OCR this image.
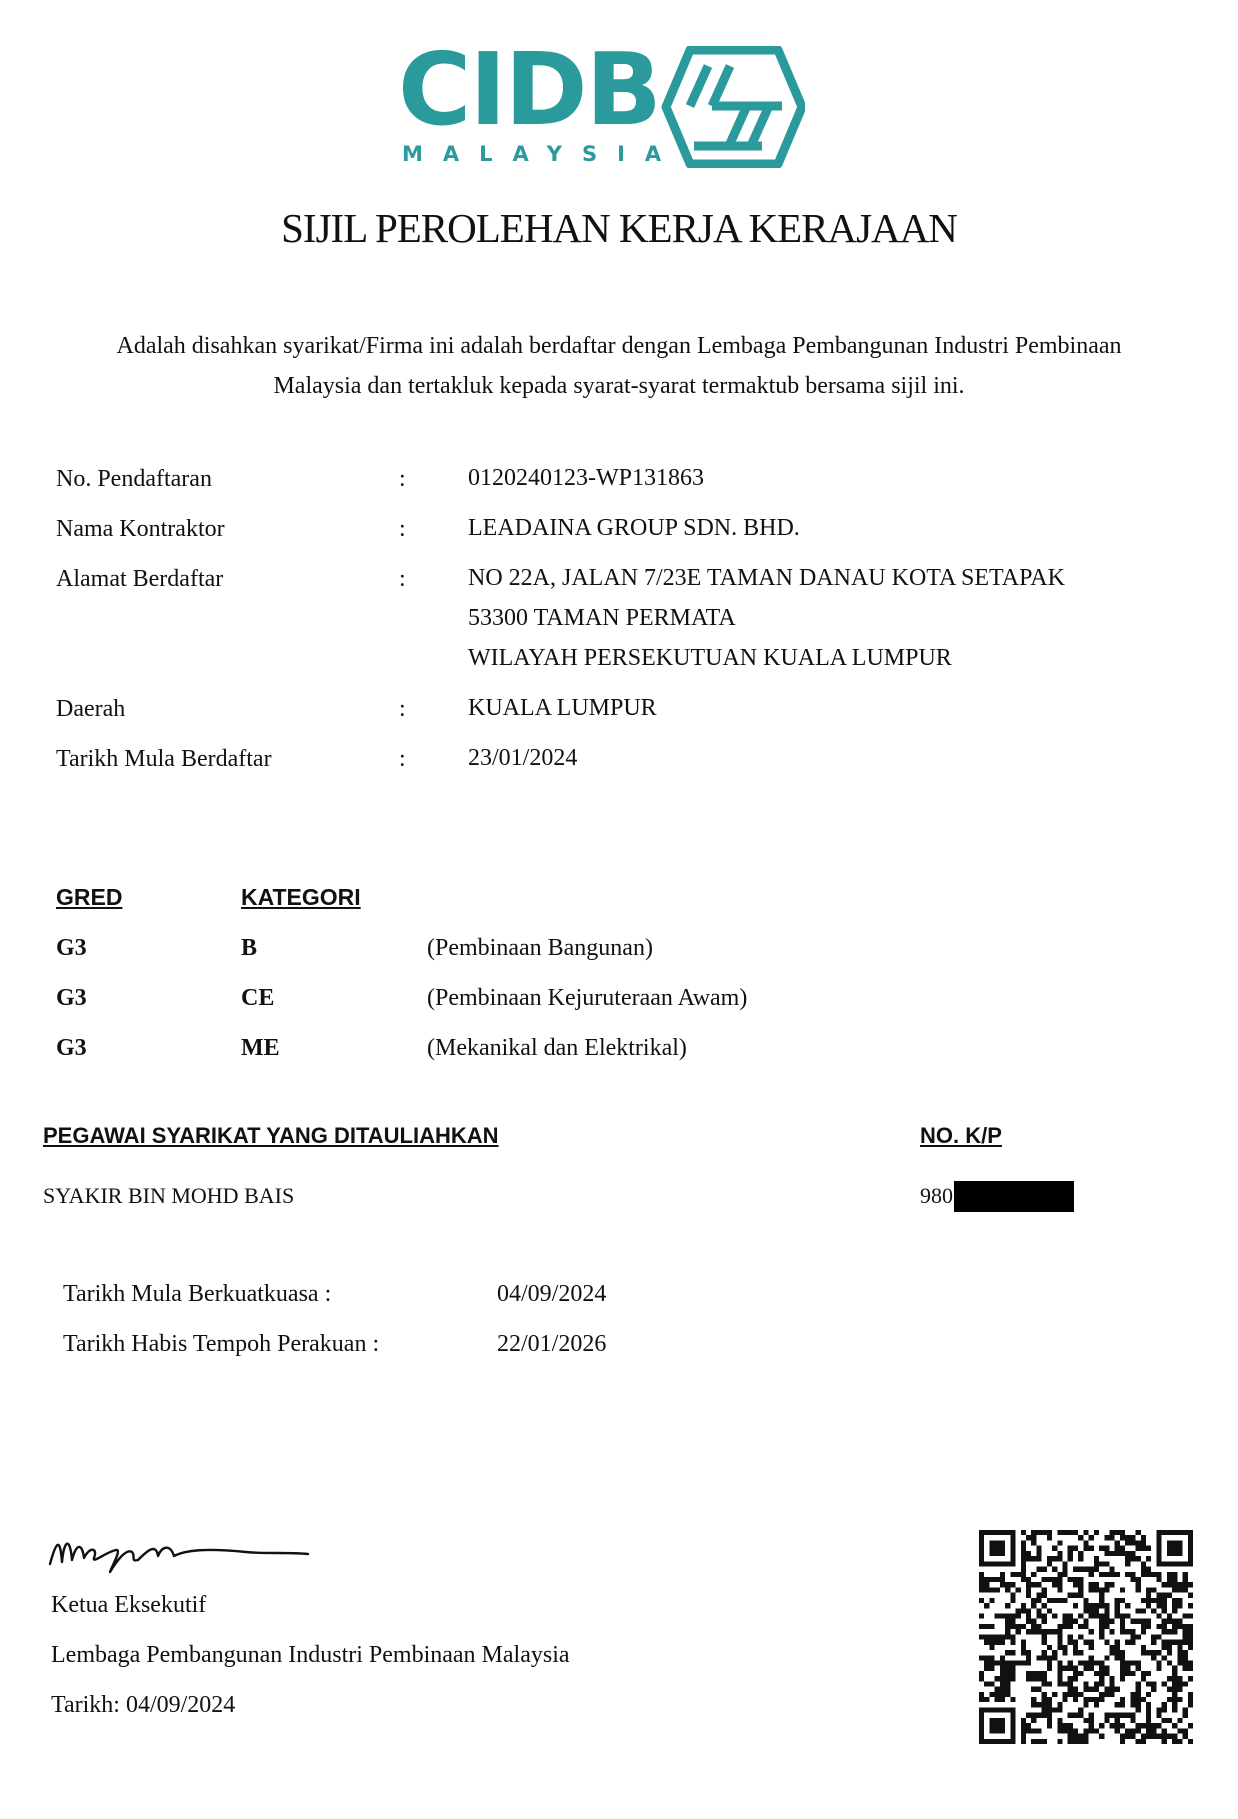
CIDB
MALAYSIA
SIJIL PEROLEHAN KERJA KERAJAAN
Adalah disahkan syarikat/Firma ini adalah berdaftar dengan Lembaga Pembangunan Industri Pembinaan
Malaysia dan tertakluk kepada syarat-syarat termaktub bersama sijil ini.
No. Pendaftaran	:	0120240123-WP131863
Nama Kontraktor	:	LEADAINA GROUP SDN. BHD.
Alamat Berdaftar	:	NO 22A, JALAN 7/23E TAMAN DANAU KOTA SETAPAK
53300 TAMAN PERMATA
WILAYAH PERSEKUTUAN KUALA LUMPUR
Daerah	:	KUALA LUMPUR
Tarikh Mula Berdaftar	:	23/01/2024
GRED	KATEGORI
G3	B	(Pembinaan Bangunan)
G3	CE	(Pembinaan Kejuruteraan Awam)
G3	ME	(Mekanikal dan Elektrikal)
PEGAWAI SYARIKAT YANG DITAULIAHKAN	NO. K/P
SYAKIR BIN MOHD BAIS	980
Tarikh Mula Berkuatkuasa :	04/09/2024
Tarikh Habis Tempoh Perakuan :	22/01/2026
Ketua Eksekutif
Lembaga Pembangunan Industri Pembinaan Malaysia
Tarikh: 04/09/2024
